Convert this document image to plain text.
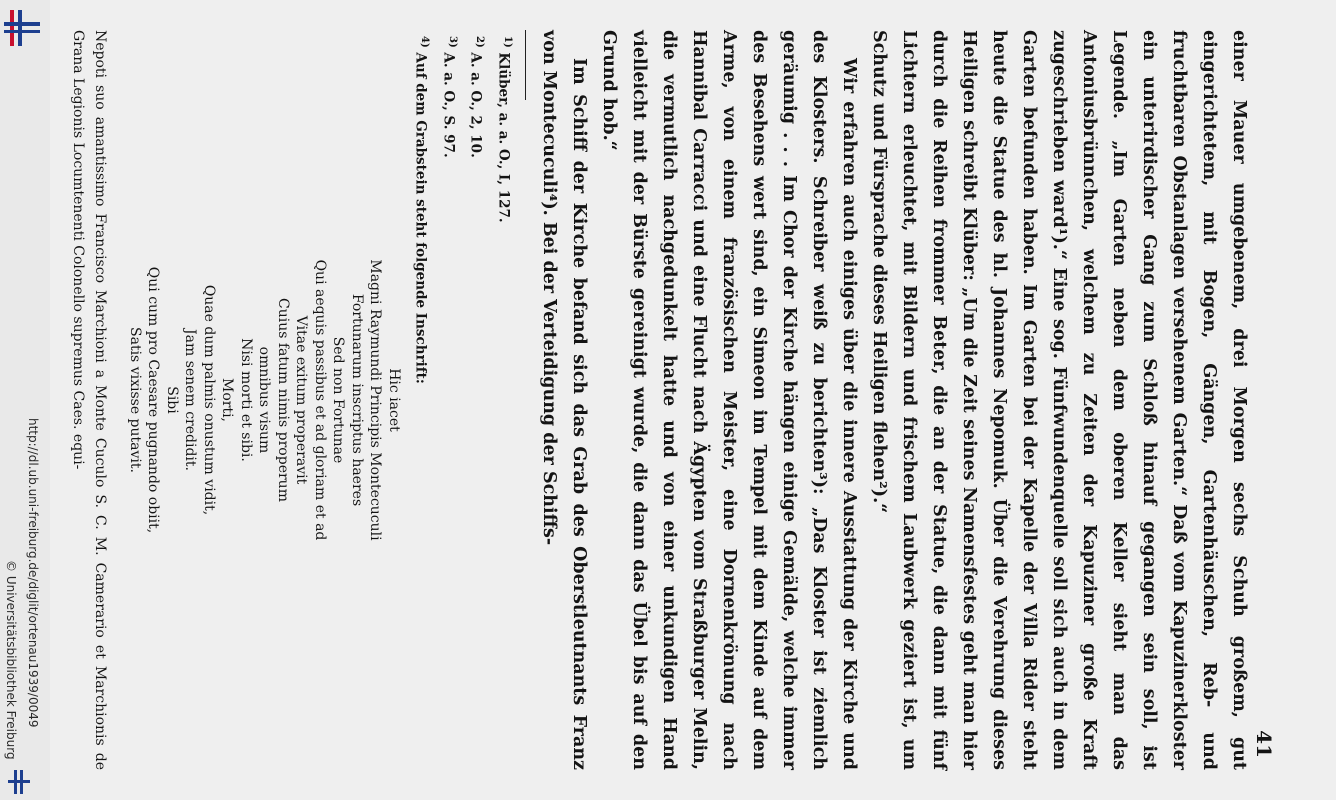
http://dl.ub.uni-freiburg.de/diglit/ortenau1939/0049
© Universitätsbibliothek Freiburg	41

einer Mauer umgebenem, drei Morgen sechs Schuh großem, gut eingerichtetem, mit Bogen, Gängen, Gartenhäuschen, Reb- und fruchtbaren Obstanlagen versehenem Garten.“ Daß vom Kapuzinerkloster ein unterirdischer Gang zum Schloß hinauf gegangen sein soll, ist Legende. „Im Garten neben dem oberen Keller sieht man das Antoniusbrünnchen, welchem zu Zeiten der Kapuziner große Kraft zugeschrieben ward¹).“ Eine sog. Fünfwundenquelle soll sich auch in dem Garten befunden haben. Im Garten bei der Kapelle der Villa Rider steht heute die Statue des hl. Johannes Nepomuk. Über die Verehrung dieses Heiligen schreibt Klüber: „Um die Zeit seines Namensfestes geht man hier durch die Reihen frommer Beter, die an der Statue, die dann mit fünf Lichtern erleuchtet, mit Bildern und frischem Laubwerk geziert ist, um Schutz und Fürsprache dieses Heiligen flehen²).“

Wir erfahren auch einiges über die innere Ausstattung der Kirche und des Klosters. Schreiber weiß zu berichten³): „Das Kloster ist ziemlich geräumig . . . Im Chor der Kirche hängen einige Gemälde, welche immer des Besehens wert sind, ein Simeon im Tempel mit dem Kinde auf dem Arme, von einem französischen Meister, eine Dornenkrönung nach Hannibal Carracci und eine Flucht nach Ägypten vom Straßburger Melin, die vermutlich nachgedunkelt hatte und von einer unkundigen Hand vielleicht mit der Bürste gereinigt wurde, die dann das Übel bis auf den Grund hob.“

Im Schiff der Kirche befand sich das Grab des Oberstleutnants Franz von Montecuculi⁴). Bei der Verteidigung der Schiffs-

$^{1)}$ Klüber, a. a. O., I, 127.
$^{2)}$ A. a. O., 2, 10.
$^{3)}$ A. a. O., S. 97.
$^{4)}$ Auf dem Grabstein steht folgende Inschrift:
Hic iacet
Magni Raymundi Principis Montecuculi
Fortunarum inscriptus haeres
Sed non Fortunae
Qui aequis passibus et ad gloriam et ad
Vitae exitum properavit
Cuius fatum nimis properum
omnibus visum
Nisi morti et sibi.
Morti,
Quae dum palmis onustum vidit,
Jam senem credidit.
Sibi
Qui cum pro Caesare pugnando obiit,
Satis vixisse putavit.

Nepoti suo amantissimo Francisco Marchioni a Monte Cuculo S. C. M. Camerario et Marchionis de Grana Legionis Locumtenenti Colonello supremus Caes. equi-
